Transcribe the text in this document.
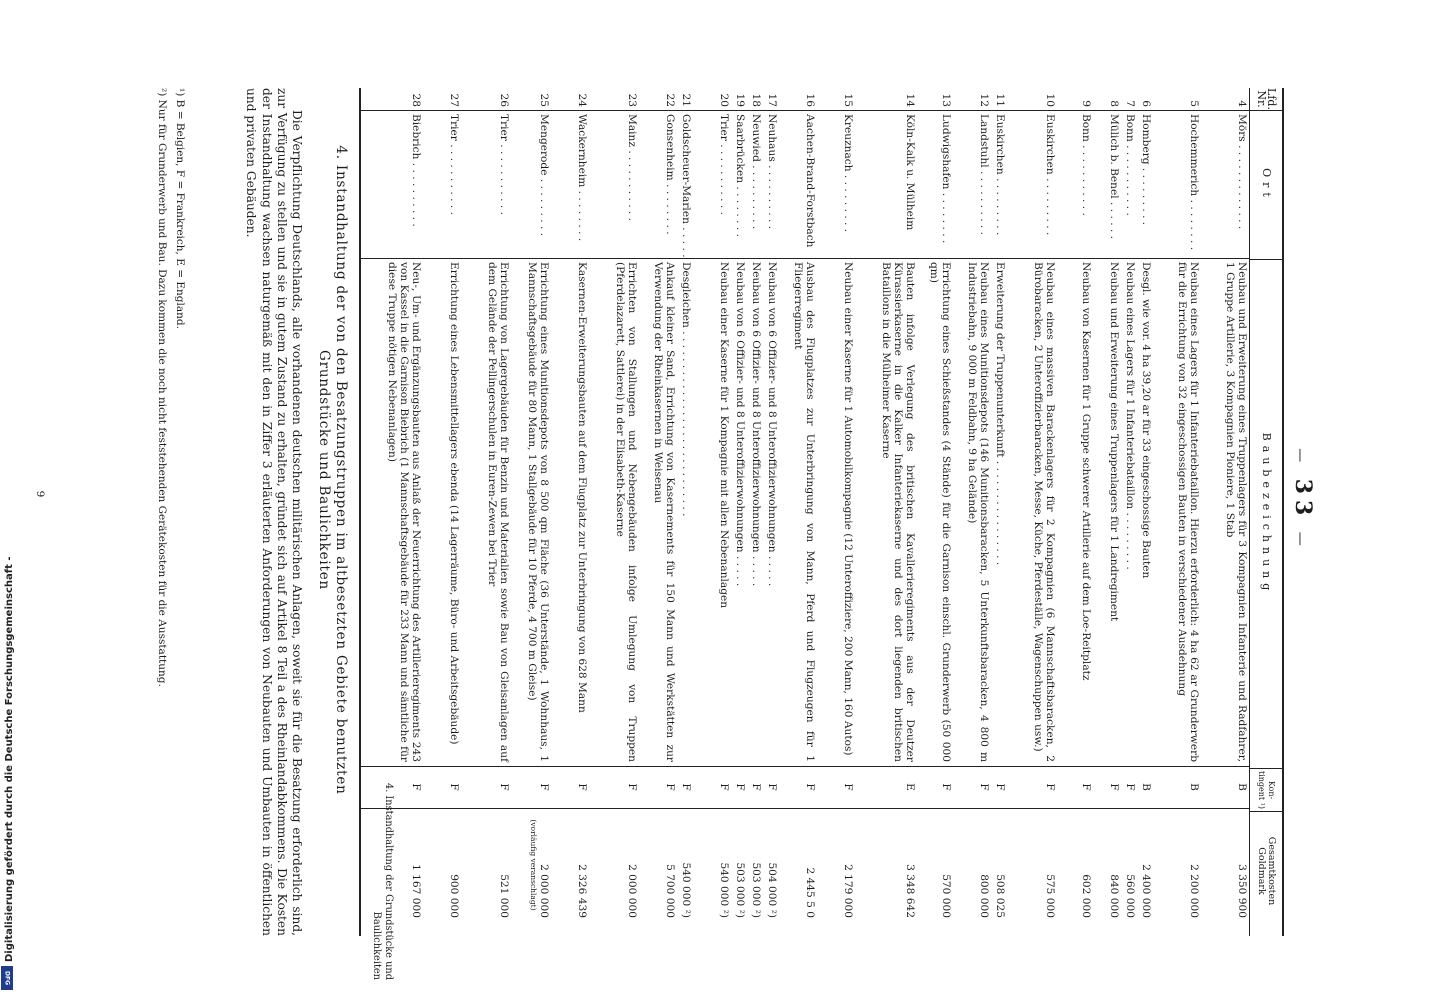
Digitalisierung gefördert durch die Deutsche Forschungsgemeinschaft -
DFG
— 33 —
Lfd. Nr.
Ort
Baubezeichnung
Kon-tingent ¹)
Gesamtkosten Goldmark
4
Mörs . . . . . . . . . . . . .
Neubau und Erweiterung eines Truppenlagers für 3 Kompagnien Infanterie und Radfahrer, 1 Gruppe Artillerie, 3 Kompagnien Pioniere, 1 Stab
B
3 350 900
5
Hochemmerich . . . . . . . .
Neubau eines Lagers für 1 Infanteriebataillon. Hierzu erforderlich: 4 ha 62 ar Grunderwerb für die Errichtung von 32 eingeschossigen Bauten in verschiedener Ausdehnung
B
2 200 000
6
Homberg . . . . . . . . .
Desgl. wie vor. 4 ha 39,20 ar für 33 eingeschossige Bauten
B
2 400 000
7
Bonn . . . . . . . . . . .
Neubau eines Lagers für 1 Infanteriebataillon . . . . . . . . .
F
560 000
8
Mülich b. Benel . . . . . .
Neubau und Erweiterung eines Truppenlagers für 1 Landregiment
F
840 000
9
Bonn . . . . . . . . . . .
Neubau von Kasernen für 1 Gruppe schwerer Artillerie auf dem Loe-Reitplatz
F
602 000
10
Euskirchen . . . . . . . . .
Neubau eines massiven Barackenlagers für 2 Kompagnien (6 Mannschaftsbaracken, 2 Bürobaracken, 2 Unteroffizierbaracken, Messe, Küche, Pferdeställe, Wagenschuppen usw.)
F
575 000
11
Euskirchen . . . . . . . . .
Erweiterung der Truppenunterkunft . . . . . . . . . . . . . . . .
F
508 025
12
Landstuhl . . . . . . . . . .
Neubau eines Munitionsdepots (146 Munitionsbaracken, 5 Unterkunftsbaracken, 4 800 m Industriebahn, 9 000 m Feldbahn, 9 ha Gelände)
F
800 000
13
Ludwigshafen . . . . . . . .
Errichtung eines Schießstandes (4 Stände) für die Garnison einschl. Grunderwerb (50 000 qm)
F
570 000
14
Köln-Kalk u. Mülheim
Bauten infolge Verlegung des britischen Kavallerieregiments aus der Deutzer Kürassierkaserne in die Kalker Infanteriekaserne und des dort liegenden britischen Bataillons in die Mülheimer Kaserne
E
3 348 642
15
Kreuznach . . . . . . . . .
Neubau einer Kaserne für 1 Automobilkompagnie (12 Unteroffiziere, 200 Mann, 160 Autos)
F
2 179 000
16
Aachen-Brand-Forstbach
Ausbau des Flugplatzes zur Unterbringung von Mann, Pferd und Flugzeugen für 1 Fliegerregiment
F
2 445 5 0
17
Neuhaus . . . . . . . . . .
Neubau von 6 Offizier- und 8 Unteroffizierwohnungen . . . . .
F
504 000 ²)
18
Neuwied . . . . . . . . . .
Neubau von 6 Offizier- und 8 Unteroffizierwohnungen . . . . .
F
503 000 ²)
19
Saarbrücken . . . . . . . .
Neubau von 6 Offizier- und 8 Unteroffizierwohnungen . . . . .
F
503 000 ²)
20
Trier . . . . . . . . . . .
Neubau einer Kaserne für 1 Kompagnie mit allen Nebenanlagen
F
540 000 ²)
21
Goldscheuer-Marlen . . . . .
Desgleichen . . . . . . . . . . . . . . . . . . . . . . . . . . . .
F
540 000 ²)
22
Gonsenheim . . . . . . . .
Ankauf kleiner Sand, Errichtung von Kasernements für 150 Mann und Werkstätten zur Verwendung der Rheinkasernen in Weisenau
F
5 700 000
23
Mainz . . . . . . . . . . .
Errichten von Stallungen und Nebengebäuden infolge Umlegung von Truppen (Pferdelazarett, Sattlerei) in der Elisabeth-Kaserne
F
2 000 000
24
Wackernheim . . . . . . . .
Kasernen-Erweiterungsbauten auf dem Flugplatz zur Unterbringung von 628 Mann
F
2 326 439
25
Mengerode . . . . . . . . .
Errichtung eines Munitionsdepots von 8 500 qm Fläche (36 Unterstände, 1 Wohnhaus, 1 Mannschaftsgebäude für 80 Mann, 1 Stallgebäude für 10 Pferde, 4 700 m Gleise)
F
2 000 000
(vorläufig veranschlagt)
26
Trier . . . . . . . . . . .
Errichtung von Lagergebäuden für Benzin und Materialien sowie Bau von Gleisanlagen auf dem Gelände der Pellingerschulen in Euren-Zewen bei Trier
F
521 000
27
Trier . . . . . . . . . . .
Errichtung eines Lebensmittellagers ebenda (14 Lagerräume, Büro- und Arbeitsgebäude)
F
900 000
28
Biebrich . . . . . . . . . .
Neu-, Um- und Ergänzungsbauten aus Anlaß der Neuerrichtung des Artillerieregiments 243 von Kassel in die Garnison Biebrich (1 Mannschaftsgebäude für 233 Mann und sämtliche für diese Truppe nötigen Nebenanlagen)
F
1 167 000
4. Instandhaltung der von den Besatzungstruppen im altbesetzten Gebiete benutzten Grundstücke und Baulichkeiten
Die Verpflichtung Deutschlands, alle vorhandenen deutschen militärischen Anlagen, soweit sie für die Besatzung erforderlich sind, zur Verfügung zu stellen und sie in gutem Zustand zu erhalten, gründet sich auf Artikel 8 Teil a des Rheinlandabkommens. Die Kosten der Instandhaltung wachsen naturgemäß mit den in Ziffer 3 erläuterten Anforderungen von Neubauten und Umbauten in öffentlichen und privaten Gebäuden.
¹) B = Belgien, F = Frankreich, E = England.
²) Nur für Grunderwerb und Bau. Dazu kommen die noch nicht feststehenden Gerätekosten für die Ausstattung.
9
4. Instandhaltung der Grundstücke und Baulichkeiten
